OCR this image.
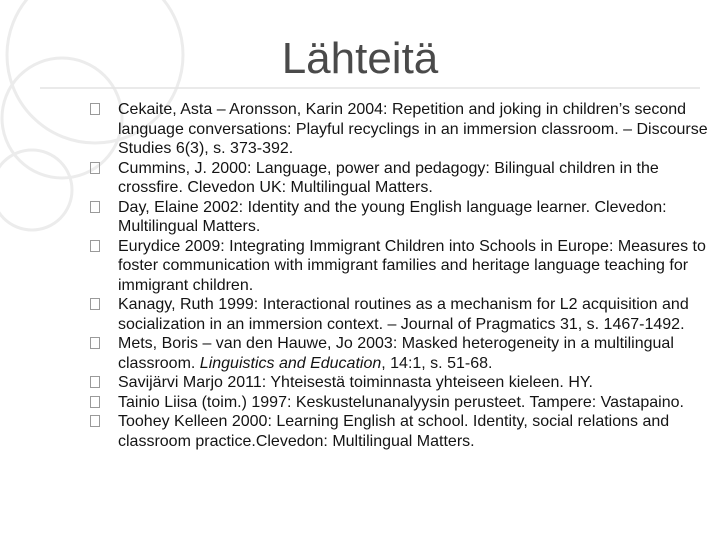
Lähteitä
Cekaite, Asta – Aronsson, Karin 2004: Repetition and joking in children’s second language conversations: Playful recyclings in an immersion classroom. – Discourse Studies 6(3), s. 373-392.
Cummins, J. 2000: Language, power and pedagogy: Bilingual children in the crossfire. Clevedon UK: Multilingual Matters.
Day, Elaine 2002: Identity and the young English language learner. Clevedon: Multilingual Matters.
Eurydice 2009: Integrating Immigrant Children into Schools in Europe: Measures to foster communication with immigrant families and heritage language teaching for immigrant children.
Kanagy, Ruth 1999: Interactional routines as a mechanism for L2 acquisition and socialization in an immersion context. – Journal of Pragmatics 31, s. 1467-1492.
Mets, Boris – van den Hauwe, Jo 2003: Masked heterogeneity in a multilingual classroom. Linguistics and Education, 14:1, s. 51-68.
Savijärvi Marjo 2011: Yhteisestä toiminnasta yhteiseen kieleen. HY.
Tainio Liisa (toim.) 1997: Keskustelunanalyysin perusteet. Tampere: Vastapaino.
Toohey Kelleen 2000: Learning English at school. Identity, social relations and classroom practice.Clevedon: Multilingual Matters.
